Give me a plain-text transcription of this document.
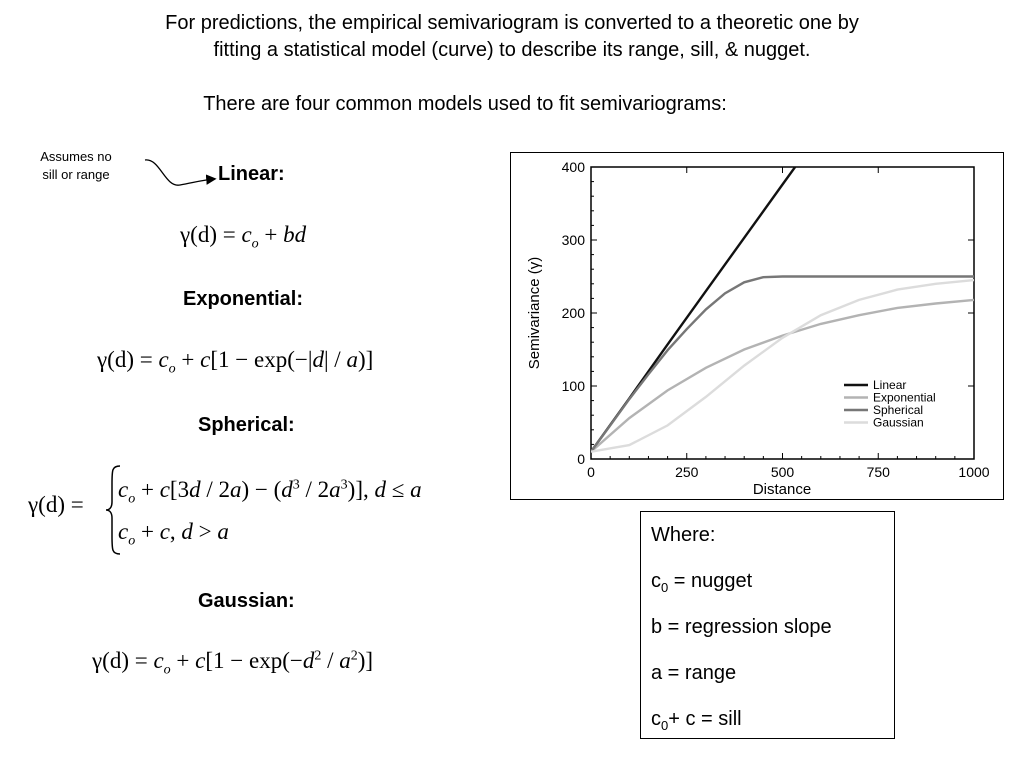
For predictions, the empirical semivariogram is converted to a theoretic one by
fitting a statistical model (curve) to describe its range, sill, & nugget.
There are four common models used to fit semivariograms:
Assumes no
sill or range	Linear:
$\gamma(d) = c_o$ + bd
Exponential:
$\gamma(d) = c_o + c[1 - \exp(-|d| / a)]$
Spherical:
γ(d) =
$c_o + c[3d / 2a) - (d^3 / 2a^3)$], d ≤ a
$c_o + c$, d > a
Gaussian:
$\gamma(d) = c_o + c[1 - \exp(-d^2 / a^2)]$
0	250	500	750	1000
0
100
200
300
400
Distance
Semivariance (γ)
Linear
Exponential
Spherical
Gaussian
Where:
$c_0$ = nugget
b = regression slope
a = range
$c_0+ c$ = sill
